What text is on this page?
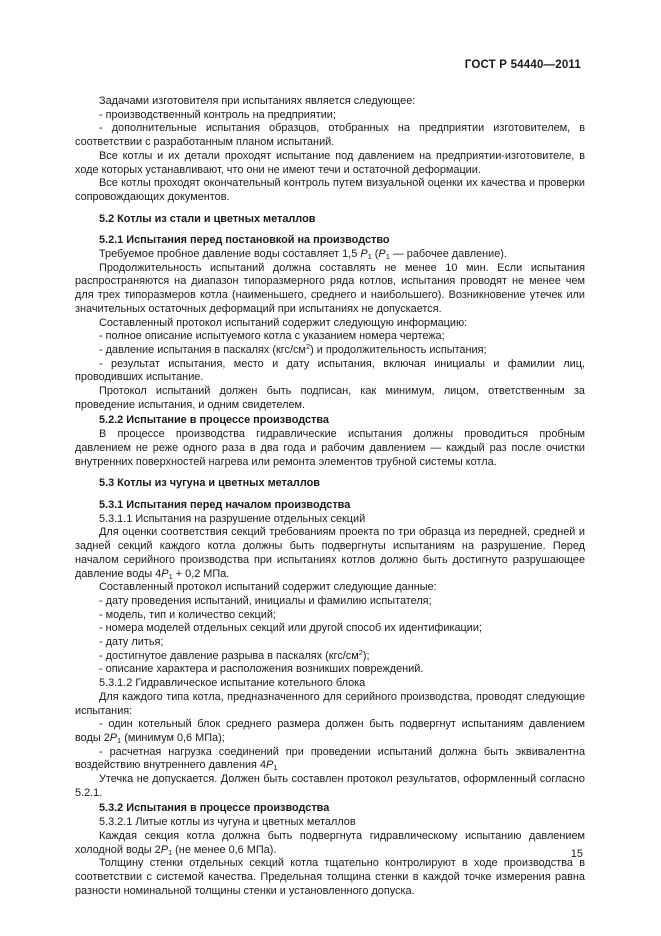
ГОСТ Р 54440—2011

Задачами изготовителя при испытаниях является следующее:

- производственный контроль на предприятии;

- дополнительные испытания образцов, отобранных на предприятии изготовителем, в соответствии с разработанным планом испытаний.

Все котлы и их детали проходят испытание под давлением на предприятии-изготовителе, в ходе которых устанавливают, что они не имеют течи и остаточной деформации.

Все котлы проходят окончательный контроль путем визуальной оценки их качества и проверки сопровождающих документов.

5.2 Котлы из стали и цветных металлов

5.2.1 Испытания перед постановкой на производство

Требуемое пробное давление воды составляет 1,5 $P_1$ ($P_1$ — рабочее давление).

Продолжительность испытаний должна составлять не менее 10 мин. Если испытания распространяются на диапазон типоразмерного ряда котлов, испытания проводят не менее чем для трех типоразмеров котла (наименьшего, среднего и наибольшего). Возникновение утечек или значительных остаточных деформаций при испытаниях не допускается.

Составленный протокол испытаний содержит следующую информацию:

- полное описание испытуемого котла с указанием номера чертежа;

- давление испытания в паскалях $(кгс/см^2)$ и продолжительность испытания;

- результат испытания, место и дату испытания, включая инициалы и фамилии лиц, проводивших испытание.

Протокол испытаний должен быть подписан, как минимум, лицом, ответственным за проведение испытания, и одним свидетелем.

5.2.2 Испытание в процессе производства

В процессе производства гидравлические испытания должны проводиться пробным давлением не реже одного раза в два года и рабочим давлением — каждый раз после очистки внутренних поверхностей нагрева или ремонта элементов трубной системы котла.

5.3 Котлы из чугуна и цветных металлов

5.3.1 Испытания перед началом производства

5.3.1.1 Испытания на разрушение отдельных секций

Для оценки соответствия секций требованиям проекта по три образца из передней, средней и задней секций каждого котла должны быть подвергнуты испытаниям на разрушение. Перед началом серийного производства при испытаниях котлов должно быть достигнуто разрушающее давление воды $4P_1 + 0,2$ МПа.

Составленный протокол испытаний содержит следующие данные:

- дату проведения испытаний, инициалы и фамилию испытателя;

- модель, тип и количество секций;

- номера моделей отдельных секций или другой способ их идентификации;

- дату литья;

- достигнутое давление разрыва в паскалях $(кгс/см^2)$;

- описание характера и расположения возникших повреждений.

5.3.1.2 Гидравлическое испытание котельного блока

Для каждого типа котла, предназначенного для серийного производства, проводят следующие испытания:

- один котельный блок среднего размера должен быть подвергнут испытаниям давлением воды $2P_1$ (минимум 0,6 МПа);

- расчетная нагрузка соединений при проведении испытаний должна быть эквивалентна воздействию внутреннего давления $4P_1$

Утечка не допускается. Должен быть составлен протокол результатов, оформленный согласно 5.2.1.

5.3.2 Испытания в процессе производства

5.3.2.1 Литые котлы из чугуна и цветных металлов

Каждая секция котла должна быть подвергнута гидравлическому испытанию давлением холодной воды $2P_1$ (не менее 0,6 МПа).

Толщину стенки отдельных секций котла тщательно контролируют в ходе производства в соответствии с системой качества. Предельная толщина стенки в каждой точке измерения равна разности номинальной толщины стенки и установленного допуска.

15
